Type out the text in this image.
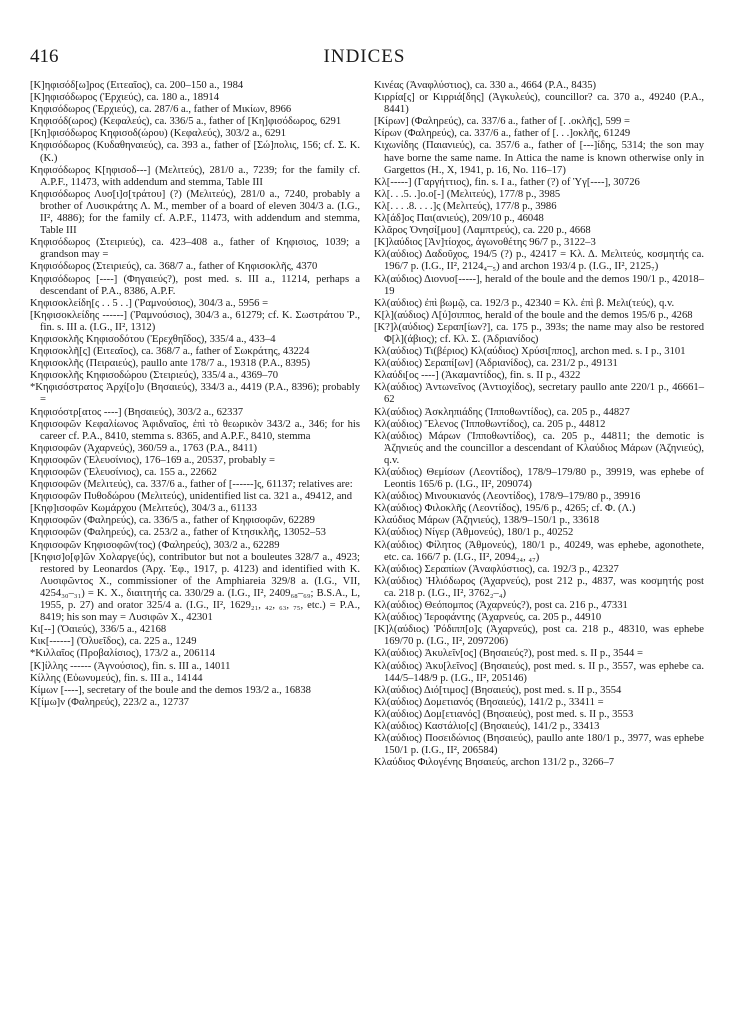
416	INDICES
[Κ]ηφισόδ[ω]ρος (Ειτεαῖος), ca. 200–150 a., 1984
[Κ]ηφισόδωρος (Ἐρχιεύς), ca. 180 a., 18914
Κηφισόδωρος (Ἐρχιεύς), ca. 287/6 a., father of Μικίων, 8966
Κηφισόδ(ωρος) (Κεφαλεύς), ca. 336/5 a., father of [Κη]φισόδωρος, 6291
[Κη]φισόδωρος Κηφισοδ(ώρου) (Κεφαλεύς), 303/2 a., 6291
Κηφισόδωρος (Κυδαθηναιεύς), ca. 393 a., father of [Σώ]πολις, 156; cf. Σ. Κ. (Κ.)
Κηφισόδωρος Κ[ηφισοδ---] (Μελιτεύς), 281/0 a., 7239; for the family cf. A.P.F., 11473, with addendum and stemma, Table III
Κηφισόδωρος Λυσ[ι]σ[τράτου] (?) (Μελιτεύς), 281/0 a., 7240, probably a brother of Λυσικράτης Λ. Μ., member of a board of eleven 304/3 a. (I.G., II², 4886); for the family cf. A.P.F., 11473, with addendum and stemma, Table III
Κηφισόδωρος (Στειριεύς), ca. 423–408 a., father of Κηφισιος, 1039; a grandson may =
Κηφισόδωρος (Στειριεύς), ca. 368/7 a., father of Κηφισοκλῆς, 4370
Κηφισόδωρος [----] (Φηγαιεύς?), post med. s. III a., 11214, perhaps a descendant of P.A., 8386, A.P.F.
Κηφισοκλείδη[ς . . 5 . .] (Ῥαμνούσιος), 304/3 a., 5956 =
[Κηφισοκλείδης ------] (Ῥαμνούσιος), 304/3 a., 61279; cf. Κ. Σωστράτου Ῥ., fin. s. III a. (I.G., II², 1312)
Κηφισοκλῆς Κηφισοδότου (Ἐρεχθηΐδος), 335/4 a., 433–4
Κηφισοκλῆ[ς] (Ειτεαῖος), ca. 368/7 a., father of Σωκράτης, 43224
Κηφισοκλῆς (Πειραιεύς), paullo ante 178/7 a., 19318 (P.A., 8395)
Κηφισοκλῆς Κηφισοδώρου (Στειριεύς), 335/4 a., 4369–70
*Κηφισόστρατος Ἀρχί[ο]υ (Βησαιεύς), 334/3 a., 4419 (P.A., 8396); probably =
Κηφισόστρ[ατος ----] (Βησαιεύς), 303/2 a., 62337
Κηφισοφῶν Κεφαλίωνος Ἀφιδναῖος, ἐπὶ τὸ θεωρικὸν 343/2 a., 346; for his career cf. P.A., 8410, stemma s. 8365, and A.P.F., 8410, stemma
Κηφισοφῶν (Ἀχαρνεύς), 360/59 a., 1763 (P.A., 8411)
Κηφισοφῶν (Ἐλευσίνιος), 176–169 a., 20537, probably =
Κηφισοφῶν (Ἐλευσίνιος), ca. 155 a., 22662
Κηφισοφῶν (Μελιτεύς), ca. 337/6 a., father of [------]ς, 61137; relatives are:
Κηφισοφῶν Πυθοδώρου (Μελιτεύς), unidentified list ca. 321 a., 49412, and
[Κηφ]ισοφῶν Κωμάρχου (Μελιτεύς), 304/3 a., 61133
Κηφισοφῶν (Φαληρεύς), ca. 336/5 a., father of Κηφισοφῶν, 62289
Κηφισοφῶν (Φαληρεύς), ca. 253/2 a., father of Κτησικλῆς, 13052–53
Κηφισοφῶν Κηφισοφῶν(τος) (Φαληρεύς), 303/2 a., 62289
[Κηφισ]ο[φ]ῶν Χολαργε(ύς), contributor but not a bouleutes 328/7 a., 4923; restored by Leonardos (Ἀρχ. Ἐφ., 1917, p. 4123) and identified with Κ. Λυσιφῶντος Χ., commissioner of the Amphiareia 329/8 a. (I.G., VII, 4254₃₀–₃₁) = Κ. Χ., διαιτητής ca. 330/29 a. (I.G., II², 2409₆₈–₆₉; B.S.A., L, 1955, p. 27) and orator 325/4 a. (I.G., II², 1629₂₁, ₄₂, ₆₃, ₇₅, etc.) = P.A., 8419; his son may = Λυσιφῶν Χ., 42301
Κι[--] (Ὀαιεύς), 336/5 a., 42168
Κικ[------] (Ὀλυεῖδος), ca. 225 a., 1249
*Κιλλαῖος (Προβαλίσιος), 173/2 a., 206114
[Κ]ίλλης ------ (Ἀγνούσιος), fin. s. III a., 14011
Κίλλης (Εὐωνυμεύς), fin. s. III a., 14144
Κίμων [----], secretary of the boule and the demos 193/2 a., 16838
Κ[ίμω]ν (Φαληρεύς), 223/2 a., 12737
Κινέας (Ἀναφλύστιος), ca. 330 a., 4664 (P.A., 8435)
Κιρρία[ς] or Κιρριά[δης] (Ἀγκυλεύς), councillor? ca. 370 a., 49240 (P.A., 8441)
[Κίρων] (Φαληρεύς), ca. 337/6 a., father of [. .οκλῆς], 599 =
Κίρων (Φαληρεύς), ca. 337/6 a., father of [. . .]οκλῆς, 61249
Κιχωνίδης (Παιανιεύς), ca. 357/6 a., father of [---]ίδης, 5314; the son may have borne the same name. In Attica the name is known otherwise only in Gargettos (H., X, 1941, p. 16, No. 116–17)
Κλ[-----] (Γαργήττιος), fin. s. I a., father (?) of Ὑγ[----], 30726
Κλ[. . .5. .]ο.ο[-] (Μελιτεύς), 177/8 p., 3985
Κλ[. . . .8. . . .]ς (Μελιτεύς), 177/8 p., 3986
Κλ[άδ]ος Παι(ανιεύς), 209/10 p., 46048
Κλᾶρος Ὀνησί[μου] (Λαμπτρεύς), ca. 220 p., 4668
[Κ]λαύδιος [Ἀν]τίοχος, ἀγωνοθέτης 96/7 p., 3122–3
Κλ(αύδιος) Δαδοῦχος, 194/5 (?) p., 42417 = Κλ. Δ. Μελιτεύς, κοσμητής ca. 196/7 p. (I.G., II², 2124₄–₅) and archon 193/4 p. (I.G., II², 2125₇)
Κλ(αύδιος) Διονυσ[-----], herald of the boule and the demos 190/1 p., 42018–19
Κλ(αύδιος) ἐπὶ βωμῷ, ca. 192/3 p., 42340 = Κλ. ἐπὶ β. Μελι(τεύς), q.v.
Κ[λ](αύδιος) Λ[ύ]σιππος, herald of the boule and the demos 195/6 p., 4268
[Κ?]λ(αύδιος) Σεραπ[ίων?], ca. 175 p., 393s; the name may also be restored Φ[λ](άβιος); cf. Κλ. Σ. (Ἀδριανίδος)
Κλ(αύδιος) Τι(βέριος) Κλ(αύδιος) Χρύσι[ππος], archon med. s. I p., 3101
Κλ(αύδιος) Σεραπί[ων] (Ἀδριανίδος), ca. 231/2 p., 49131
Κλαύδι[ος ----] (Ἀκαμαντίδος), fin. s. II p., 4322
Κλ(αύδιος) Ἀντωνεῖνος (Ἀντιοχίδος), secretary paullo ante 220/1 p., 46661–62
Κλ(αύδιος) Ἀσκληπιάδης (Ἱπποθωντίδος), ca. 205 p., 44827
Κλ(αύδιος) Ἔλενος (Ἱπποθωντίδος), ca. 205 p., 44812
Κλ(αύδιος) Μάρων (Ἱπποθωντίδος), ca. 205 p., 44811; the demotic is Ἀζηνιεύς and the councillor a descendant of Κλαύδιος Μάρων (Ἀζηνιεύς), q.v.
Κλ(αύδιος) Θεμίσων (Λεοντίδος), 178/9–179/80 p., 39919, was ephebe of Leontis 165/6 p. (I.G., II², 209074)
Κλ(αύδιος) Μινουκιανός (Λεοντίδος), 178/9–179/80 p., 39916
Κλ(αύδιος) Φιλοκλῆς (Λεοντίδος), 195/6 p., 4265; cf. Φ. (Λ.)
Κλαύδιος Μάρων (Ἀζηνιεύς), 138/9–150/1 p., 33618
Κλ(αύδιος) Νίγερ (Ἀθμονεύς), 180/1 p., 40252
Κλ(αύδιος) Φίλητος (Ἀθμονεύς), 180/1 p., 40249, was ephebe, agonothete, etc. ca. 166/7 p. (I.G., II², 2094₂₄, ₄₇)
Κλ(αύδιος) Σεραπίων (Ἀναφλύστιος), ca. 192/3 p., 42327
Κλ(αύδιος) Ἡλιόδωρος (Ἀχαρνεύς), post 212 p., 4837, was κοσμητής post ca. 218 p. (I.G., II², 3762₂–₄)
Κλ(αύδιος) Θεόπομπος (Ἀχαρνεύς?), post ca. 216 p., 47331
Κλ(αύδιος) Ἱεροφάντης (Ἀχαρνεύς, ca. 205 p., 44910
[Κ]λ(αύδιος) Ῥόδιππ[ο]ς (Ἀχαρνεύς), post ca. 218 p., 48310, was ephebe 169/70 p. (I.G., II², 2097206)
Κλ(αύδιος) Ἀκυλεῖν[ος] (Βησαιεύς?), post med. s. II p., 3544 =
Κλ(αύδιος) Ἀκυ[λεῖνος] (Βησαιεύς), post med. s. II p., 3557, was ephebe ca. 144/5–148/9 p. (I.G., II², 205146)
Κλ(αύδιος) Διό[τιμος] (Βησαιεύς), post med. s. II p., 3554
Κλ(αύδιος) Δομετιανός (Βησαιεύς), 141/2 p., 33411 =
Κλ(αύδιος) Δομ[ετιανός] (Βησαιεύς), post med. s. II p., 3553
Κλ(αύδιος) Καστάλιο[ς] (Βησαιεύς), 141/2 p., 33413
Κλ(αύδιος) Ποσειδώνιος (Βησαιεύς), paullo ante 180/1 p., 3977, was ephebe 150/1 p. (I.G., II², 206584)
Κλαύδιος Φιλογένης Βησαιεύς, archon 131/2 p., 3266–7
